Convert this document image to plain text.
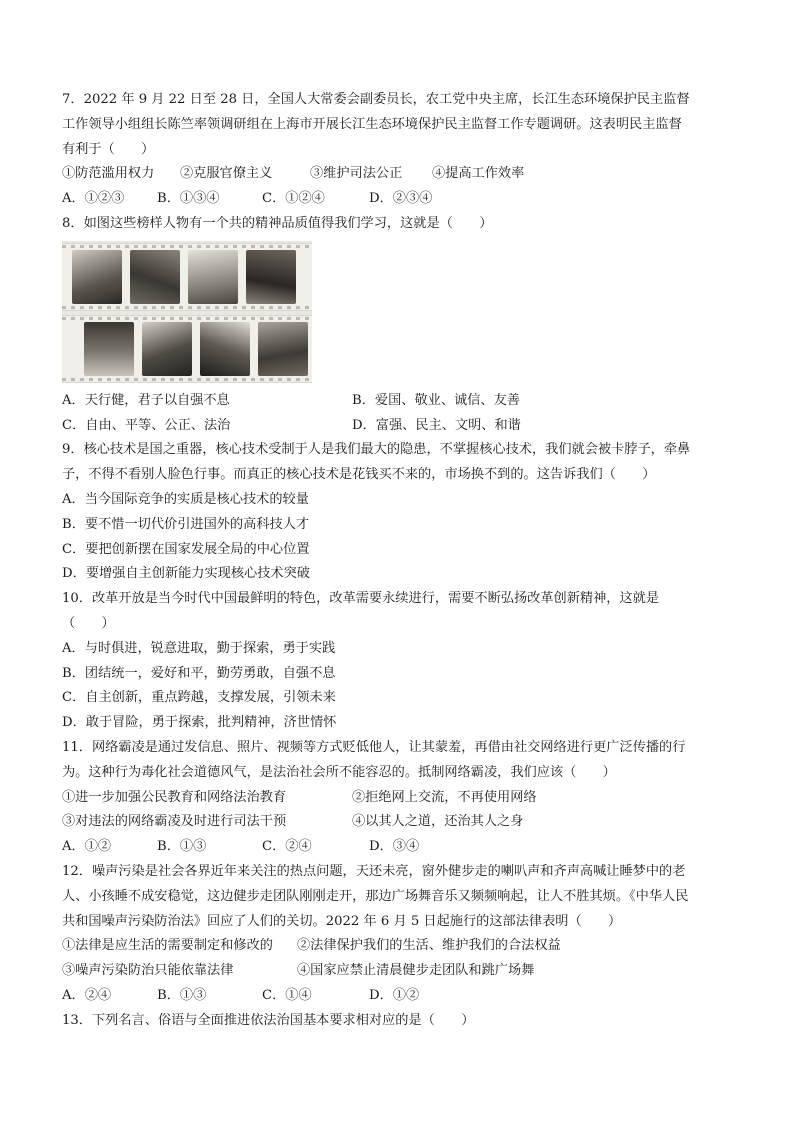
7．2022 年 9 月 22 日至 28 日，全国人大常委会副委员长，农工党中央主席，长江生态环境保护民主监督
工作领导小组组长陈竺率领调研组在上海市开展长江生态环境保护民主监督工作专题调研。这表明民主监督
有利于（　　）
①防范滥用权力	②克服官僚主义	③维护司法公正	④提高工作效率
A．①②③	B．①③④	C．①②④	D．②③④
8．如图这些榜样人物有一个共的精神品质值得我们学习，这就是（　　）
A．天行健，君子以自强不息	B．爱国、敬业、诚信、友善
C．自由、平等、公正、法治	D．富强、民主、文明、和谐
9．核心技术是国之重器，核心技术受制于人是我们最大的隐患，不掌握核心技术，我们就会被卡脖子，牵鼻
子，不得不看别人脸色行事。而真正的核心技术是花钱买不来的，市场换不到的。这告诉我们（　　）
A．当今国际竞争的实质是核心技术的较量
B．要不惜一切代价引进国外的高科技人才
C．要把创新摆在国家发展全局的中心位置
D．要增强自主创新能力实现核心技术突破
10．改革开放是当今时代中国最鲜明的特色，改革需要永续进行，需要不断弘扬改革创新精神，这就是
（　　）
A．与时俱进，锐意进取，勤于探索，勇于实践
B．团结统一，爱好和平，勤劳勇敢，自强不息
C．自主创新，重点跨越，支撑发展，引领未来
D．敢于冒险，勇于探索，批判精神，济世情怀
11．网络霸凌是通过发信息、照片、视频等方式贬低他人，让其蒙羞，再借由社交网络进行更广泛传播的行
为。这种行为毒化社会道德风气，是法治社会所不能容忍的。抵制网络霸凌，我们应该（　　）
①进一步加强公民教育和网络法治教育	②拒绝网上交流，不再使用网络
③对违法的网络霸凌及时进行司法干预	④以其人之道，还治其人之身
A．①②	B．①③	C．②④	D．③④
12．噪声污染是社会各界近年来关注的热点问题，天还未亮，窗外健步走的喇叭声和齐声高喊让睡梦中的老
人、小孩睡不成安稳觉，这边健步走团队刚刚走开，那边广场舞音乐又频频响起，让人不胜其烦。《中华人民
共和国噪声污染防治法》回应了人们的关切。2022 年 6 月 5 日起施行的这部法律表明（　　）
①法律是应生活的需要制定和修改的	②法律保护我们的生活、维护我们的合法权益
③噪声污染防治只能依靠法律	④国家应禁止清晨健步走团队和跳广场舞
A．②④	B．①③	C．①④	D．①②
13．下列名言、俗语与全面推进依法治国基本要求相对应的是（　　）
